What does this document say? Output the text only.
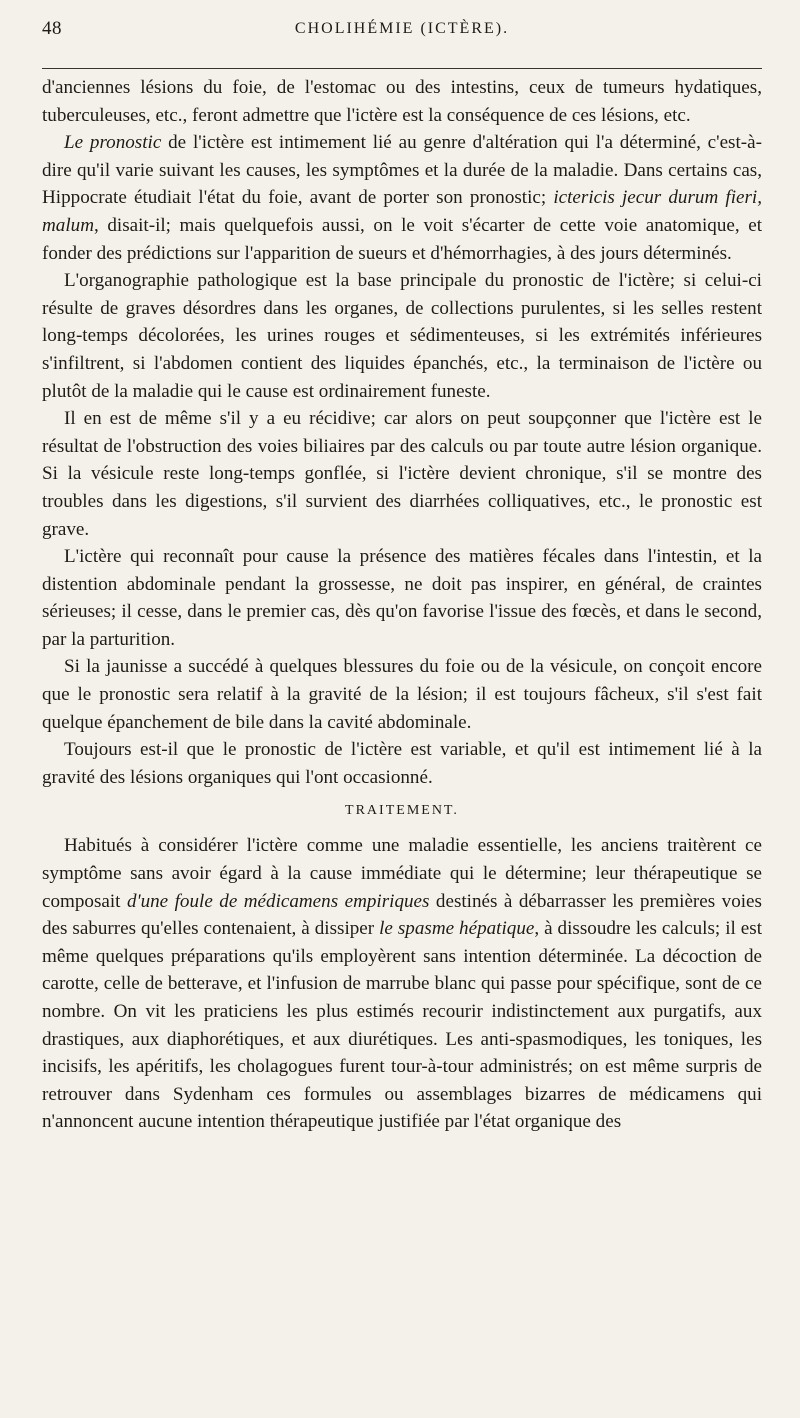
48	CHOLIHÉMIE (ICTÈRE).

d'anciennes lésions du foie, de l'estomac ou des intestins, ceux de tumeurs hydatiques, tuberculeuses, etc., feront admettre que l'ictère est la conséquence de ces lésions, etc.

Le pronostic de l'ictère est intimement lié au genre d'altération qui l'a déterminé, c'est-à-dire qu'il varie suivant les causes, les symptômes et la durée de la maladie. Dans certains cas, Hippocrate étudiait l'état du foie, avant de porter son pronostic; ictericis jecur durum fieri, malum, disait-il; mais quelquefois aussi, on le voit s'écarter de cette voie anatomique, et fonder des prédictions sur l'apparition de sueurs et d'hémorrhagies, à des jours déterminés.

L'organographie pathologique est la base principale du pronostic de l'ictère; si celui-ci résulte de graves désordres dans les organes, de collections purulentes, si les selles restent long-temps décolorées, les urines rouges et sédimenteuses, si les extrémités inférieures s'infiltrent, si l'abdomen contient des liquides épanchés, etc., la terminaison de l'ictère ou plutôt de la maladie qui le cause est ordinairement funeste.

Il en est de même s'il y a eu récidive; car alors on peut soupçonner que l'ictère est le résultat de l'obstruction des voies biliaires par des calculs ou par toute autre lésion organique. Si la vésicule reste long-temps gonflée, si l'ictère devient chronique, s'il se montre des troubles dans les digestions, s'il survient des diarrhées colliquatives, etc., le pronostic est grave.

L'ictère qui reconnaît pour cause la présence des matières fécales dans l'intestin, et la distention abdominale pendant la grossesse, ne doit pas inspirer, en général, de craintes sérieuses; il cesse, dans le premier cas, dès qu'on favorise l'issue des fœcès, et dans le second, par la parturition.

Si la jaunisse a succédé à quelques blessures du foie ou de la vésicule, on conçoit encore que le pronostic sera relatif à la gravité de la lésion; il est toujours fâcheux, s'il s'est fait quelque épanchement de bile dans la cavité abdominale.

Toujours est-il que le pronostic de l'ictère est variable, et qu'il est intimement lié à la gravité des lésions organiques qui l'ont occasionné.

TRAITEMENT.

Habitués à considérer l'ictère comme une maladie essentielle, les anciens traitèrent ce symptôme sans avoir égard à la cause immédiate qui le détermine; leur thérapeutique se composait d'une foule de médicamens empiriques destinés à débarrasser les premières voies des saburres qu'elles contenaient, à dissiper le spasme hépatique, à dissoudre les calculs; il est même quelques préparations qu'ils employèrent sans intention déterminée. La décoction de carotte, celle de betterave, et l'infusion de marrube blanc qui passe pour spécifique, sont de ce nombre. On vit les praticiens les plus estimés recourir indistinctement aux purgatifs, aux drastiques, aux diaphorétiques, et aux diurétiques. Les anti-spasmodiques, les toniques, les incisifs, les apéritifs, les cholagogues furent tour-à-tour administrés; on est même surpris de retrouver dans Sydenham ces formules ou assemblages bizarres de médicamens qui n'annoncent aucune intention thérapeutique justifiée par l'état organique des
